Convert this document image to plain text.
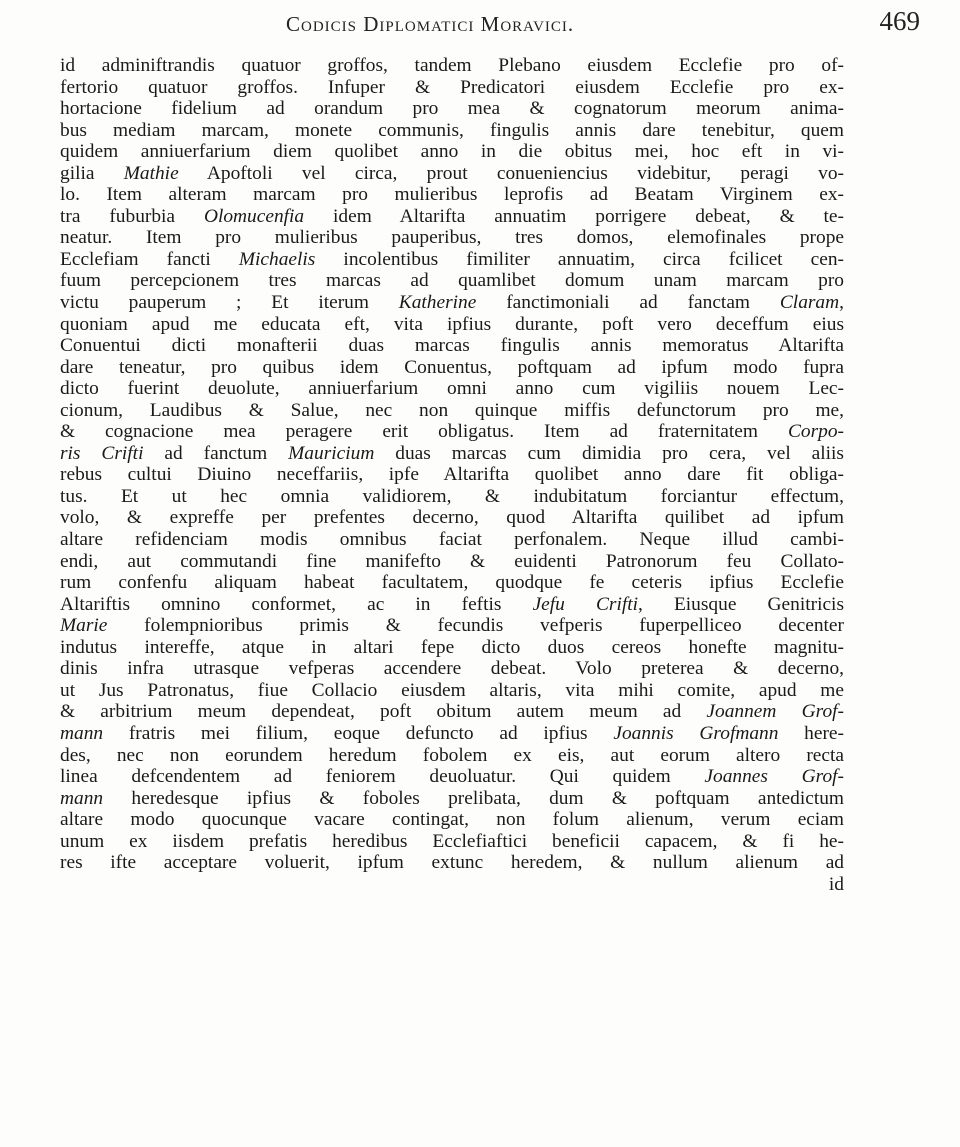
Codicis Diplomatici Moravici.	469
id adminiftrandis quatuor groffos, tandem Plebano eiusdem Ecclefie pro of-
fertorio quatuor groffos. Infuper & Predicatori eiusdem Ecclefie pro ex-
hortacione fidelium ad orandum pro mea & cognatorum meorum anima-
bus mediam marcam, monete communis, fingulis annis dare tenebitur, quem
quidem anniuerfarium diem quolibet anno in die obitus mei, hoc eft in vi-
gilia Mathie Apoftoli vel circa, prout conueniencius videbitur, peragi vo-
lo. Item alteram marcam pro mulieribus leprofis ad Beatam Virginem ex-
tra fuburbia Olomucenfia idem Altarifta annuatim porrigere debeat, & te-
neatur. Item pro mulieribus pauperibus, tres domos, elemofinales prope
Ecclefiam fancti Michaelis incolentibus fimiliter annuatim, circa fcilicet cen-
fuum percepcionem tres marcas ad quamlibet domum unam marcam pro
victu pauperum ; Et iterum Katherine fanctimoniali ad fanctam Claram,
quoniam apud me educata eft, vita ipfius durante, poft vero deceffum eius
Conuentui dicti monafterii duas marcas fingulis annis memoratus Altarifta
dare teneatur, pro quibus idem Conuentus, poftquam ad ipfum modo fupra
dicto fuerint deuolute, anniuerfarium omni anno cum vigiliis nouem Lec-
cionum, Laudibus & Salue, nec non quinque miffis defunctorum pro me,
& cognacione mea peragere erit obligatus. Item ad fraternitatem Corpo-
ris Crifti ad fanctum Mauricium duas marcas cum dimidia pro cera, vel aliis
rebus cultui Diuino neceffariis, ipfe Altarifta quolibet anno dare fit obliga-
tus. Et ut hec omnia validiorem, & indubitatum forciantur effectum,
volo, & expreffe per prefentes decerno, quod Altarifta quilibet ad ipfum
altare refidenciam modis omnibus faciat perfonalem. Neque illud cambi-
endi, aut commutandi fine manifefto & euidenti Patronorum feu Collato-
rum confenfu aliquam habeat facultatem, quodque fe ceteris ipfius Ecclefie
Altariftis omnino conformet, ac in feftis Jefu Crifti, Eiusque Genitricis
Marie folempnioribus primis & fecundis vefperis fuperpelliceo decenter
indutus intereffe, atque in altari fepe dicto duos cereos honefte magnitu-
dinis infra utrasque vefperas accendere debeat. Volo preterea & decerno,
ut Jus Patronatus, fiue Collacio eiusdem altaris, vita mihi comite, apud me
& arbitrium meum dependeat, poft obitum autem meum ad Joannem Grof-
mann fratris mei filium, eoque defuncto ad ipfius Joannis Grofmann here-
des, nec non eorundem heredum fobolem ex eis, aut eorum altero recta
linea defcendentem ad feniorem deuoluatur. Qui quidem Joannes Grof-
mann heredesque ipfius & foboles prelibata, dum & poftquam antedictum
altare modo quocunque vacare contingat, non folum alienum, verum eciam
unum ex iisdem prefatis heredibus Ecclefiaftici beneficii capacem, & fi he-
res ifte acceptare voluerit, ipfum extunc heredem, & nullum alienum ad
id
